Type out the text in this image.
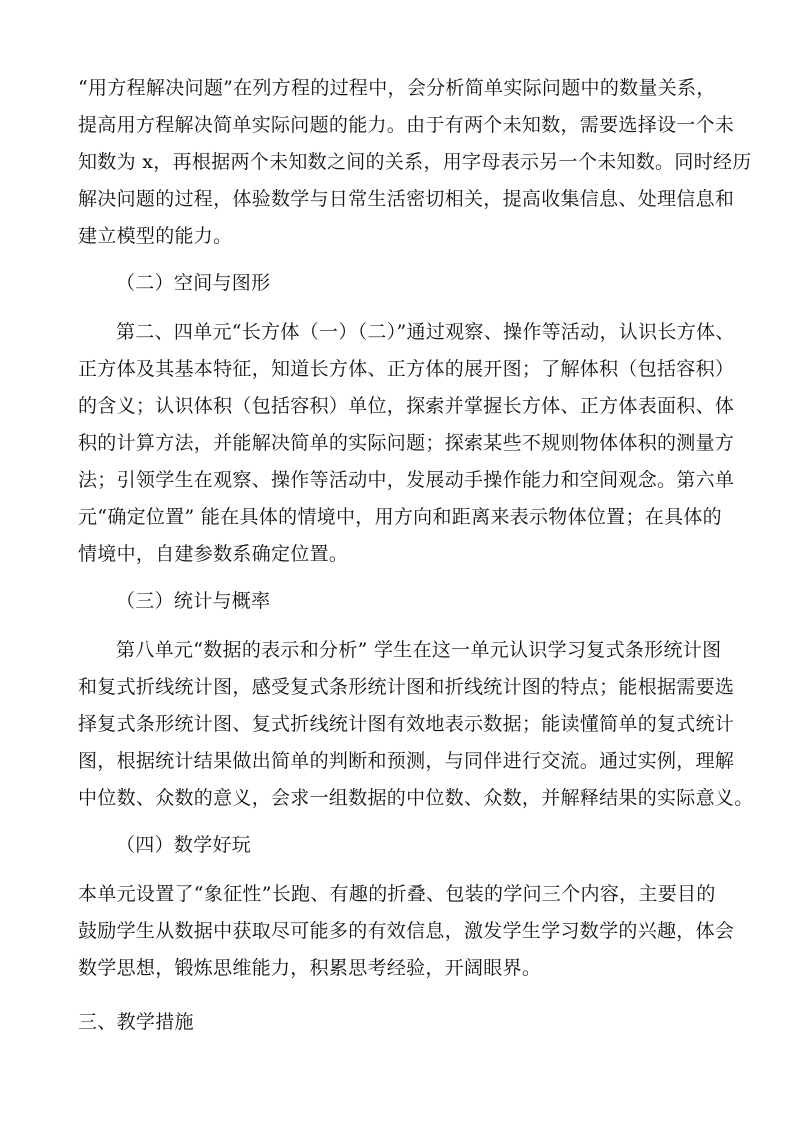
“用方程解决问题”在列方程的过程中，会分析简单实际问题中的数量关系，
提高用方程解决简单实际问题的能力。由于有两个未知数，需要选择设一个未
知数为 x，再根据两个未知数之间的关系，用字母表示另一个未知数。同时经历
解决问题的过程，体验数学与日常生活密切相关，提高收集信息、处理信息和
建立模型的能力。
（二）空间与图形
第二、四单元“长方体（一）（二）”通过观察、操作等活动，认识长方体、
正方体及其基本特征，知道长方体、正方体的展开图；了解体积（包括容积）
的含义；认识体积（包括容积）单位，探索并掌握长方体、正方体表面积、体
积的计算方法，并能解决简单的实际问题；探索某些不规则物体体积的测量方
法；引领学生在观察、操作等活动中，发展动手操作能力和空间观念。第六单
元“确定位置” 能在具体的情境中，用方向和距离来表示物体位置；在具体的
情境中，自建参数系确定位置。
（三）统计与概率
第八单元“数据的表示和分析” 学生在这一单元认识学习复式条形统计图
和复式折线统计图，感受复式条形统计图和折线统计图的特点；能根据需要选
择复式条形统计图、复式折线统计图有效地表示数据；能读懂简单的复式统计
图，根据统计结果做出简单的判断和预测，与同伴进行交流。通过实例，理解
中位数、众数的意义，会求一组数据的中位数、众数，并解释结果的实际意义。
（四）数学好玩
本单元设置了“象征性”长跑、有趣的折叠、包装的学问三个内容，主要目的
鼓励学生从数据中获取尽可能多的有效信息，激发学生学习数学的兴趣，体会
数学思想，锻炼思维能力，积累思考经验，开阔眼界。
三、教学措施
